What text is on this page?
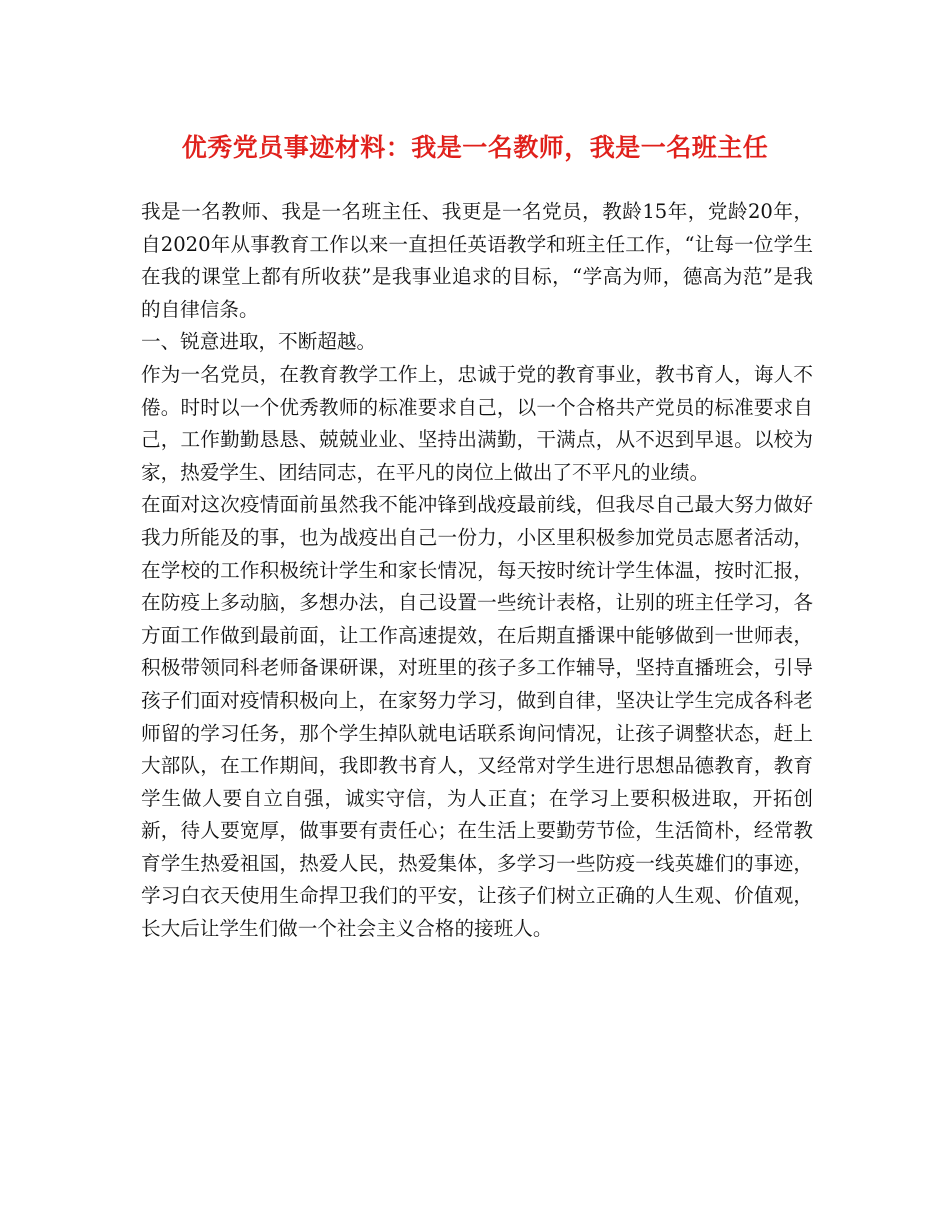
优秀党员事迹材料：我是一名教师，我是一名班主任

我是一名教师、我是一名班主任、我更是一名党员，教龄15年，党龄20年，自2020年从事教育工作以来一直担任英语教学和班主任工作，“让每一位学生在我的课堂上都有所收获”是我事业追求的目标，“学高为师，德高为范”是我的自律信条。

一、锐意进取，不断超越。

作为一名党员，在教育教学工作上，忠诚于党的教育事业，教书育人，诲人不倦。时时以一个优秀教师的标准要求自己，以一个合格共产党员的标准要求自己，工作勤勤恳恳、兢兢业业、坚持出满勤，干满点，从不迟到早退。以校为家，热爱学生、团结同志，在平凡的岗位上做出了不平凡的业绩。

在面对这次疫情面前虽然我不能冲锋到战疫最前线，但我尽自己最大努力做好我力所能及的事，也为战疫出自己一份力，小区里积极参加党员志愿者活动，在学校的工作积极统计学生和家长情况，每天按时统计学生体温，按时汇报，在防疫上多动脑，多想办法，自己设置一些统计表格，让别的班主任学习，各方面工作做到最前面，让工作高速提效，在后期直播课中能够做到一世师表，积极带领同科老师备课研课，对班里的孩子多工作辅导，坚持直播班会，引导孩子们面对疫情积极向上，在家努力学习，做到自律，坚决让学生完成各科老师留的学习任务，那个学生掉队就电话联系询问情况，让孩子调整状态，赶上大部队，在工作期间，我即教书育人，又经常对学生进行思想品德教育，教育学生做人要自立自强，诚实守信，为人正直；在学习上要积极进取，开拓创新，待人要宽厚，做事要有责任心；在生活上要勤劳节俭，生活简朴，经常教育学生热爱祖国，热爱人民，热爱集体，多学习一些防疫一线英雄们的事迹，学习白衣天使用生命捍卫我们的平安，让孩子们树立正确的人生观、价值观，长大后让学生们做一个社会主义合格的接班人。
